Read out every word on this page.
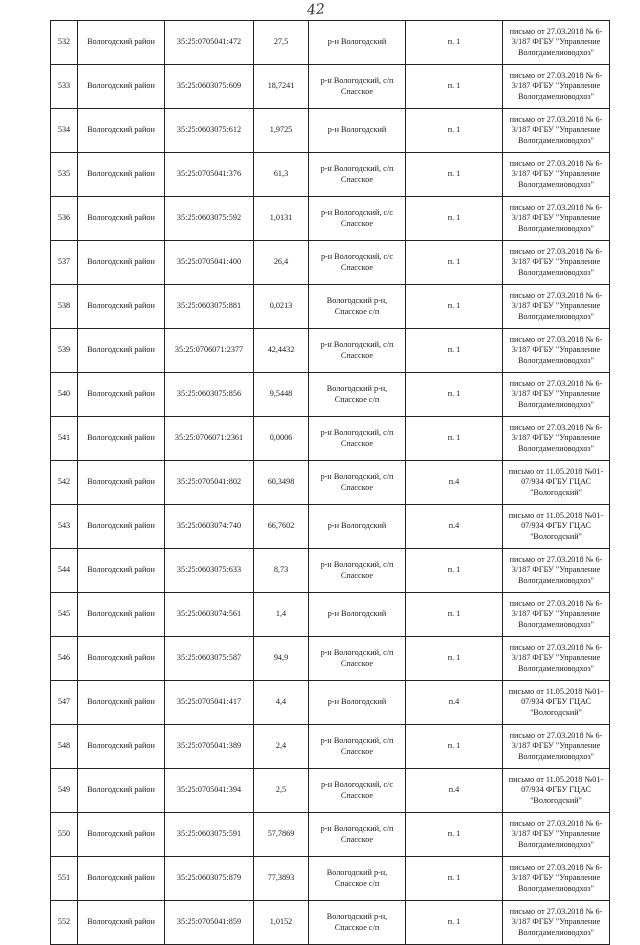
42
532	Вологодский район	35:25:0705041:472	27,5	р-н Вологодский	п. 1	письмо от 27.03.2018 № 6-3/187 ФГБУ "Управление Вологдамелиоводхоз"
533	Вологодский район	35:25:0603075:609	18,7241	р-н Вологодский, с/п Спасское	п. 1	письмо от 27.03.2018 № 6-3/187 ФГБУ "Управление Вологдамелиоводхоз"
534	Вологодский район	35:25:0603075:612	1,9725	р-н Вологодский	п. 1	письмо от 27.03.2018 № 6-3/187 ФГБУ "Управление Вологдамелиоводхоз"
535	Вологодский район	35:25:0705041:376	61,3	р-н Вологодский, с/п Спасское	п. 1	письмо от 27.03.2018 № 6-3/187 ФГБУ "Управление Вологдамелиоводхоз"
536	Вологодский район	35:25:0603075:592	1,0131	р-н Вологодский, с/с Спасское	п. 1	письмо от 27.03.2018 № 6-3/187 ФГБУ "Управление Вологдамелиоводхоз"
537	Вологодский район	35:25:0705041:400	26,4	р-н Вологодский, с/с Спасское	п. 1	письмо от 27.03.2018 № 6-3/187 ФГБУ "Управление Вологдамелиоводхоз"
538	Вологодский район	35:25:0603075:881	0,0213	Вологодский р-н, Спасское с/п	п. 1	письмо от 27.03.2018 № 6-3/187 ФГБУ "Управление Вологдамелиоводхоз"
539	Вологодский район	35:25:0706071:2377	42,4432	р-н Вологодский, с/п Спасское	п. 1	письмо от 27.03.2018 № 6-3/187 ФГБУ "Управление Вологдамелиоводхоз"
540	Вологодский район	35:25:0603075:856	9,5448	Вологодский р-н, Спасское с/п	п. 1	письмо от 27.03.2018 № 6-3/187 ФГБУ "Управление Вологдамелиоводхоз"
541	Вологодский район	35:25:0706071:2361	0,0006	р-н Вологодский, с/п Спасское	п. 1	письмо от 27.03.2018 № 6-3/187 ФГБУ "Управление Вологдамелиоводхоз"
542	Вологодский район	35:25:0705041:802	60,3498	р-н Вологодский, с/п Спасское	п.4	письмо от 11.05.2018 №01-07/934 ФГБУ ГЦАС "Вологодский"
543	Вологодский район	35:25:0603074:740	66,7602	р-н Вологодский	п.4	письмо от 11.05.2018 №01-07/934 ФГБУ ГЦАС "Вологодский"
544	Вологодский район	35:25:0603075:633	8,73	р-н Вологодский, с/п Спасское	п. 1	письмо от 27.03.2018 № 6-3/187 ФГБУ "Управление Вологдамелиоводхоз"
545	Вологодский район	35:25:0603074:561	1,4	р-н Вологодский	п. 1	письмо от 27.03.2018 № 6-3/187 ФГБУ "Управление Вологдамелиоводхоз"
546	Вологодский район	35:25:0603075:587	94,9	р-н Вологодский, с/п Спасское	п. 1	письмо от 27.03.2018 № 6-3/187 ФГБУ "Управление Вологдамелиоводхоз"
547	Вологодский район	35:25:0705041:417	4,4	р-н Вологодский	п.4	письмо от 11.05.2018 №01-07/934 ФГБУ ГЦАС "Вологодский"
548	Вологодский район	35:25:0705041:389	2,4	р-н Вологодский, с/п Спасское	п. 1	письмо от 27.03.2018 № 6-3/187 ФГБУ "Управление Вологдамелиоводхоз"
549	Вологодский район	35:25:0705041:394	2,5	р-н Вологодский, с/с Спасское	п.4	письмо от 11.05.2018 №01-07/934 ФГБУ ГЦАС "Вологодский"
550	Вологодский район	35:25:0603075:591	57,7869	р-н Вологодский, с/п Спасское	п. 1	письмо от 27.03.2018 № 6-3/187 ФГБУ "Управление Вологдамелиоводхоз"
551	Вологодский район	35:25:0603075:879	77,3893	Вологодский р-н, Спасское с/п	п. 1	письмо от 27.03.2018 № 6-3/187 ФГБУ "Управление Вологдамелиоводхоз"
552	Вологодский район	35:25:0705041:859	1,0152	Вологодский р-н, Спасское с/п	п. 1	письмо от 27.03.2018 № 6-3/187 ФГБУ "Управление Вологдамелиоводхоз"
